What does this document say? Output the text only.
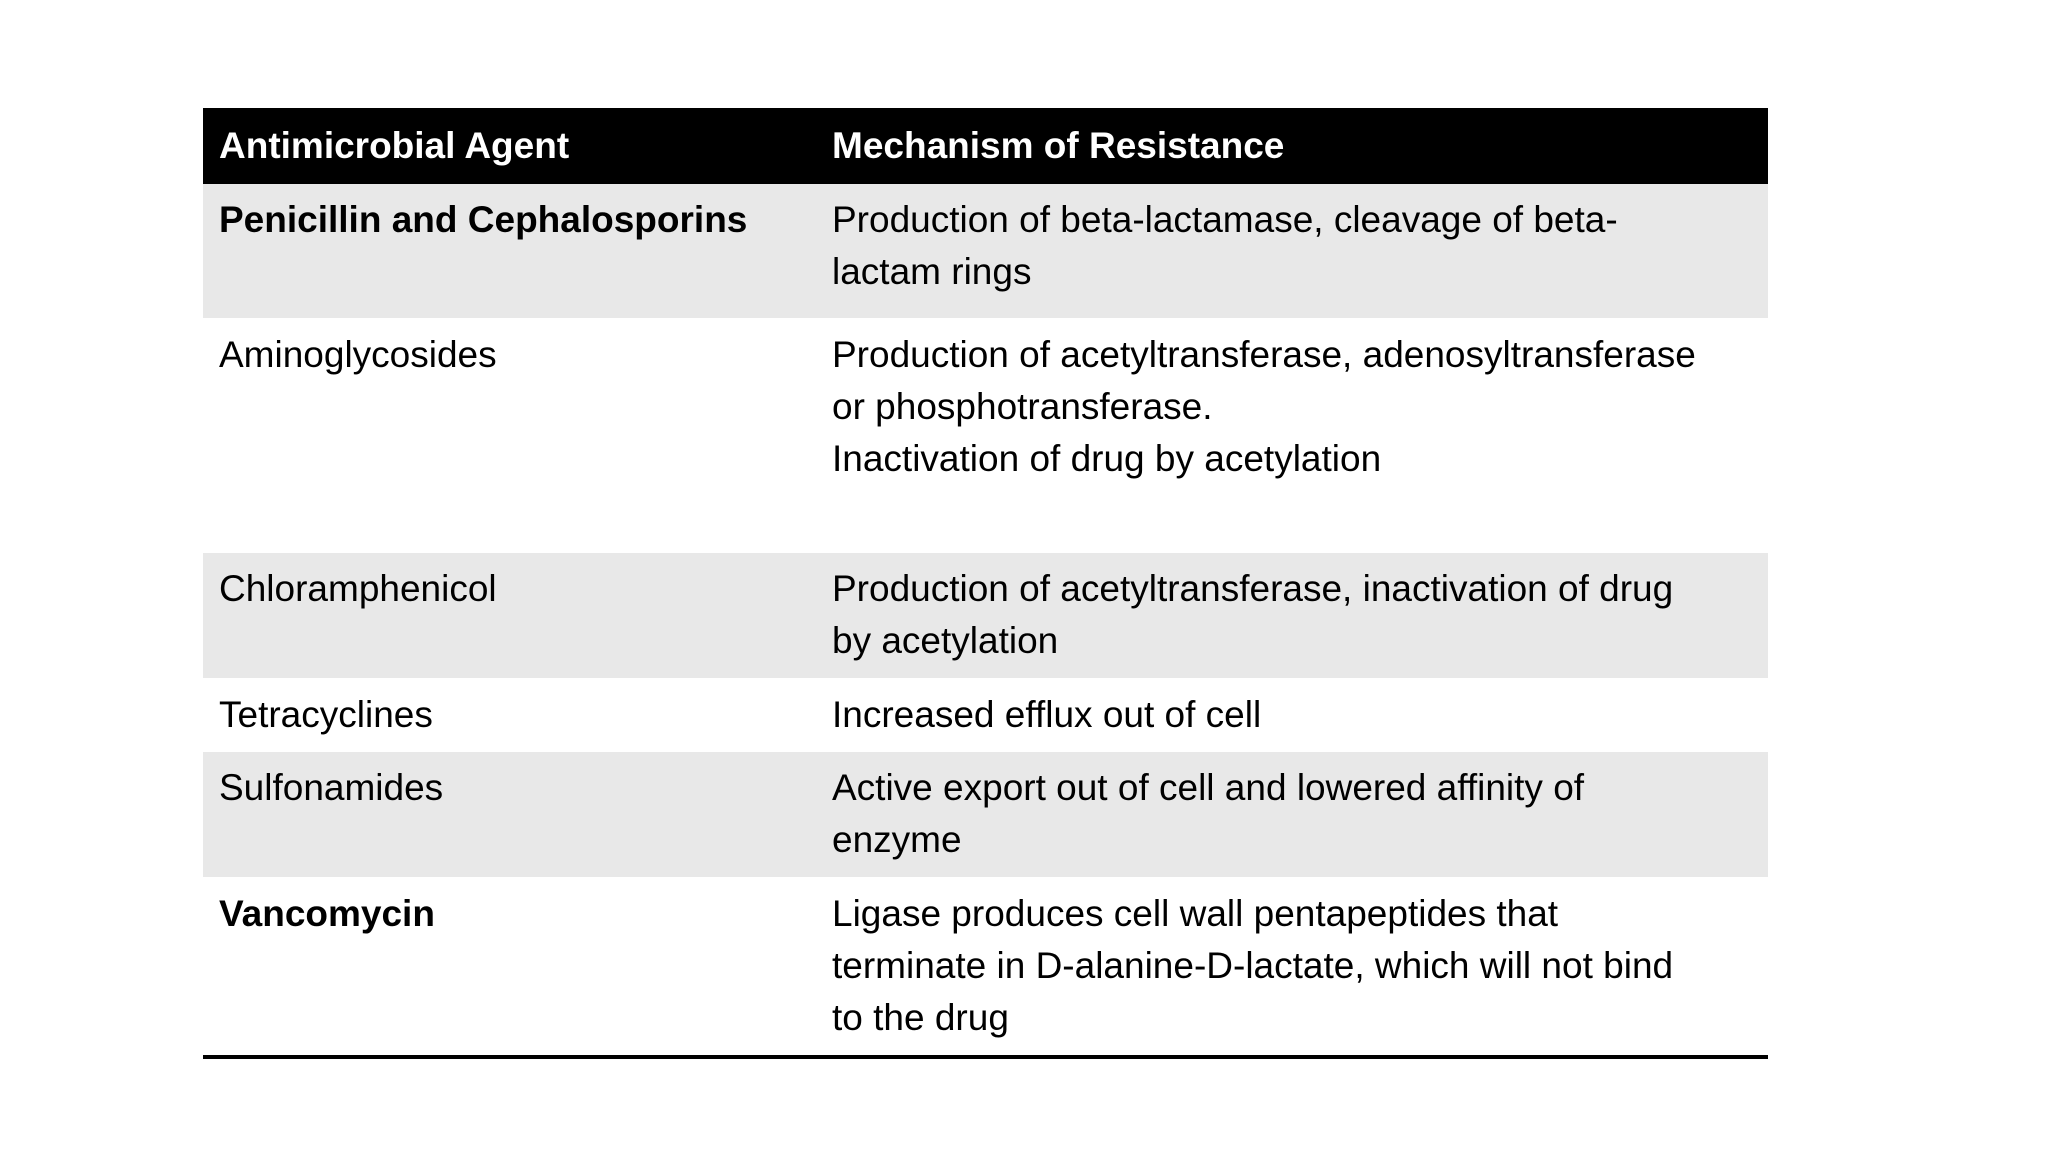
Antimicrobial Agent	Mechanism of Resistance
Penicillin and Cephalosporins	Production of beta-lactamase, cleavage of beta-
lactam rings

Aminoglycosides	Production of acetyltransferase, adenosyltransferase
or phosphotransferase.
Inactivation of drug by acetylation

Chloramphenicol	Production of acetyltransferase, inactivation of drug
by acetylation

Tetracyclines	Increased efflux out of cell

Sulfonamides	Active export out of cell and lowered affinity of
enzyme

Vancomycin	Ligase produces cell wall pentapeptides that
terminate in D-alanine-D-lactate, which will not bind
to the drug
